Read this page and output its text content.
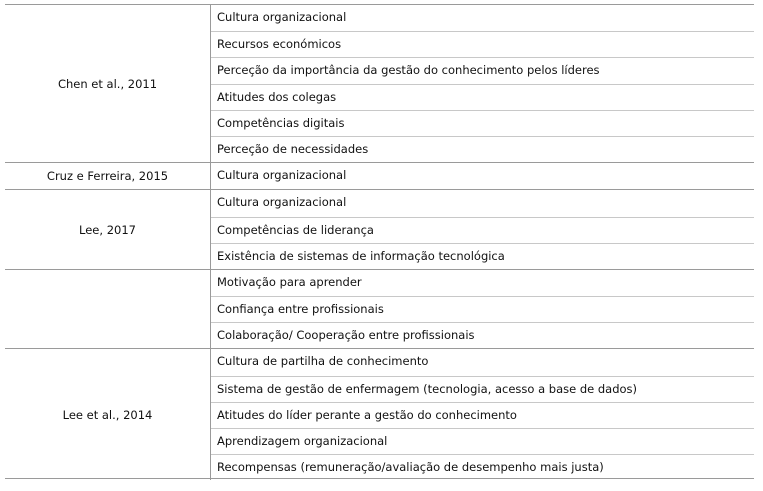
Chen et al., 2011
Cultura organizacional
Recursos económicos
Perceção da importância da gestão do conhecimento pelos líderes
Atitudes dos colegas
Competências digitais
Perceção de necessidades
Cruz e Ferreira, 2015	Cultura organizacional
Lee, 2017
Cultura organizacional
Competências de liderança
Existência de sistemas de informação tecnológica
Motivação para aprender
Confiança entre profissionais
Colaboração/ Cooperação entre profissionais
Lee et al., 2014
Cultura de partilha de conhecimento
Sistema de gestão de enfermagem (tecnologia, acesso a base de dados)
Atitudes do líder perante a gestão do conhecimento
Aprendizagem organizacional
Recompensas (remuneração/avaliação de desempenho mais justa)
